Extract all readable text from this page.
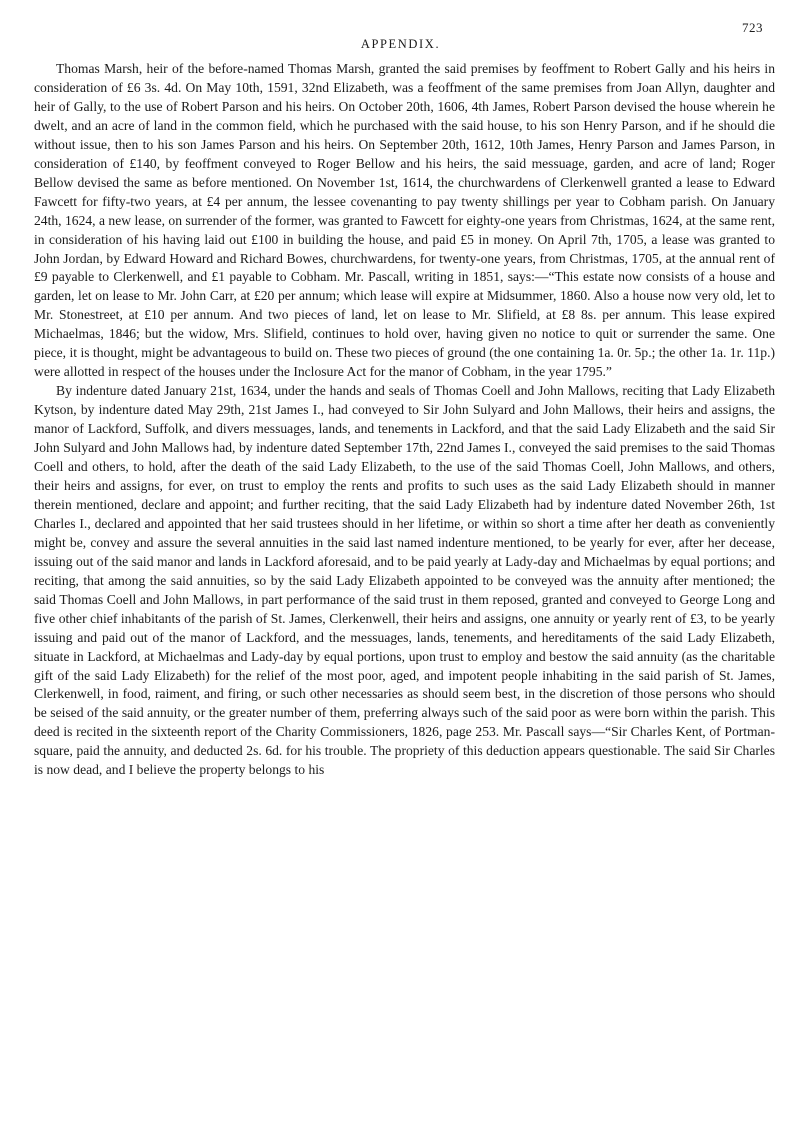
723
APPENDIX.

Thomas Marsh, heir of the before-named Thomas Marsh, granted the said premises by feoffment to Robert Gally and his heirs in consideration of £6 3s. 4d. On May 10th, 1591, 32nd Elizabeth, was a feoffment of the same premises from Joan Allyn, daughter and heir of Gally, to the use of Robert Parson and his heirs. On October 20th, 1606, 4th James, Robert Parson devised the house wherein he dwelt, and an acre of land in the common field, which he purchased with the said house, to his son Henry Parson, and if he should die without issue, then to his son James Parson and his heirs. On September 20th, 1612, 10th James, Henry Parson and James Parson, in consideration of £140, by feoffment conveyed to Roger Bellow and his heirs, the said messuage, garden, and acre of land; Roger Bellow devised the same as before mentioned. On November 1st, 1614, the churchwardens of Clerkenwell granted a lease to Edward Fawcett for fifty-two years, at £4 per annum, the lessee covenanting to pay twenty shillings per year to Cobham parish. On January 24th, 1624, a new lease, on surrender of the former, was granted to Fawcett for eighty-one years from Christmas, 1624, at the same rent, in consideration of his having laid out £100 in building the house, and paid £5 in money. On April 7th, 1705, a lease was granted to John Jordan, by Edward Howard and Richard Bowes, churchwardens, for twenty-one years, from Christmas, 1705, at the annual rent of £9 payable to Clerkenwell, and £1 payable to Cobham. Mr. Pascall, writing in 1851, says:—“This estate now consists of a house and garden, let on lease to Mr. John Carr, at £20 per annum; which lease will expire at Midsummer, 1860. Also a house now very old, let to Mr. Stonestreet, at £10 per annum. And two pieces of land, let on lease to Mr. Slifield, at £8 8s. per annum. This lease expired Michaelmas, 1846; but the widow, Mrs. Slifield, continues to hold over, having given no notice to quit or surrender the same. One piece, it is thought, might be advantageous to build on. These two pieces of ground (the one containing 1a. 0r. 5p.; the other 1a. 1r. 11p.) were allotted in respect of the houses under the Inclosure Act for the manor of Cobham, in the year 1795.”

By indenture dated January 21st, 1634, under the hands and seals of Thomas Coell and John Mallows, reciting that Lady Elizabeth Kytson, by indenture dated May 29th, 21st James I., had conveyed to Sir John Sulyard and John Mallows, their heirs and assigns, the manor of Lackford, Suffolk, and divers messuages, lands, and tenements in Lackford, and that the said Lady Elizabeth and the said Sir John Sulyard and John Mallows had, by indenture dated September 17th, 22nd James I., conveyed the said premises to the said Thomas Coell and others, to hold, after the death of the said Lady Elizabeth, to the use of the said Thomas Coell, John Mallows, and others, their heirs and assigns, for ever, on trust to employ the rents and profits to such uses as the said Lady Elizabeth should in manner therein mentioned, declare and appoint; and further reciting, that the said Lady Elizabeth had by indenture dated November 26th, 1st Charles I., declared and appointed that her said trustees should in her lifetime, or within so short a time after her death as conveniently might be, convey and assure the several annuities in the said last named indenture mentioned, to be yearly for ever, after her decease, issuing out of the said manor and lands in Lackford aforesaid, and to be paid yearly at Lady-day and Michaelmas by equal portions; and reciting, that among the said annuities, so by the said Lady Elizabeth appointed to be conveyed was the annuity after mentioned; the said Thomas Coell and John Mallows, in part performance of the said trust in them reposed, granted and conveyed to George Long and five other chief inhabitants of the parish of St. James, Clerkenwell, their heirs and assigns, one annuity or yearly rent of £3, to be yearly issuing and paid out of the manor of Lackford, and the messuages, lands, tenements, and hereditaments of the said Lady Elizabeth, situate in Lackford, at Michaelmas and Lady-day by equal portions, upon trust to employ and bestow the said annuity (as the charitable gift of the said Lady Elizabeth) for the relief of the most poor, aged, and impotent people inhabiting in the said parish of St. James, Clerkenwell, in food, raiment, and firing, or such other necessaries as should seem best, in the discretion of those persons who should be seised of the said annuity, or the greater number of them, preferring always such of the said poor as were born within the parish. This deed is recited in the sixteenth report of the Charity Commissioners, 1826, page 253. Mr. Pascall says—“Sir Charles Kent, of Portman-square, paid the annuity, and deducted 2s. 6d. for his trouble. The propriety of this deduction appears questionable. The said Sir Charles is now dead, and I believe the property belongs to his
